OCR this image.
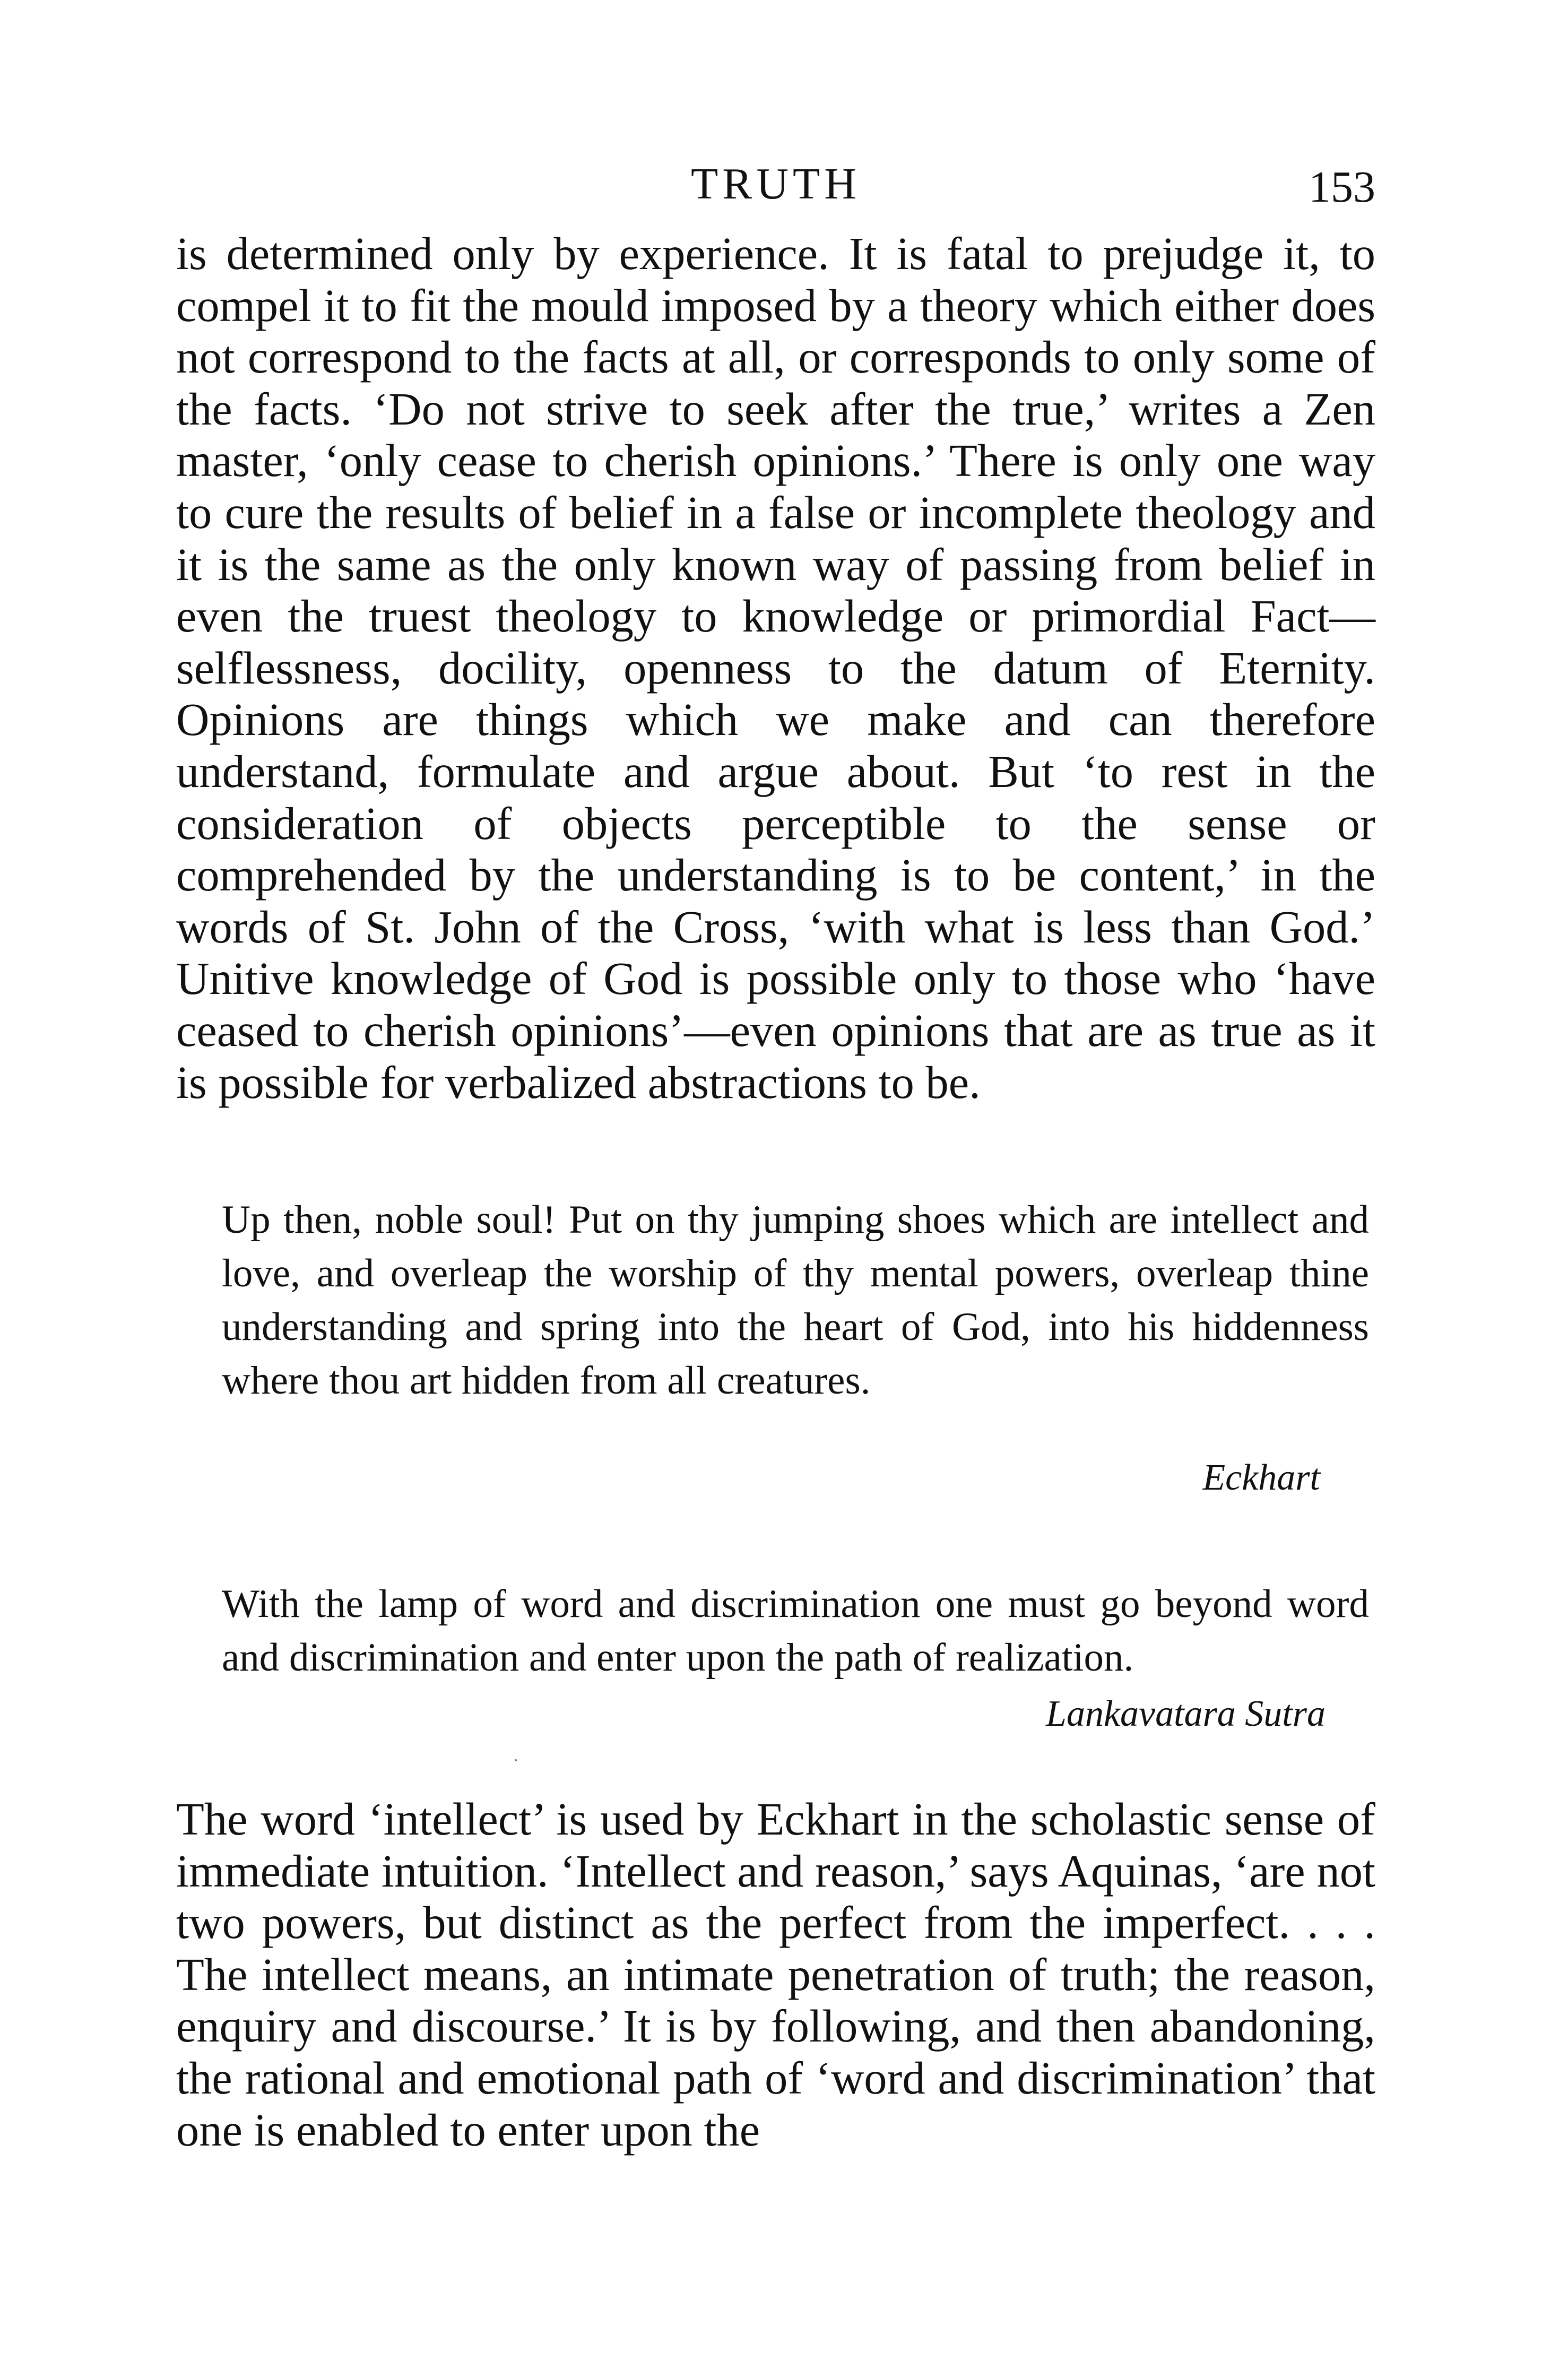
TRUTH	153

is determined only by experience. It is fatal to prejudge it, to compel it to fit the mould imposed by a theory which either does not correspond to the facts at all, or corresponds to only some of the facts. ‘Do not strive to seek after the true,’ writes a Zen master, ‘only cease to cherish opinions.’ There is only one way to cure the results of belief in a false or incomplete theology and it is the same as the only known way of passing from belief in even the truest theology to knowledge or primordial Fact—selflessness, docility, openness to the datum of Eternity. Opinions are things which we make and can therefore understand, formulate and argue about. But ‘to rest in the consideration of objects perceptible to the sense or comprehended by the understanding is to be content,’ in the words of St. John of the Cross, ‘with what is less than God.’ Unitive knowledge of God is possible only to those who ‘have ceased to cherish opinions’—even opinions that are as true as it is possible for verbalized abstractions to be.

Up then, noble soul! Put on thy jumping shoes which are intellect and love, and overleap the worship of thy mental powers, overleap thine understanding and spring into the heart of God, into his hiddenness where thou art hidden from all creatures.

Eckhart

With the lamp of word and discrimination one must go beyond word and discrimination and enter upon the path of realization.

Lankavatara Sutra

The word ‘intellect’ is used by Eckhart in the scholastic sense of immediate intuition. ‘Intellect and reason,’ says Aquinas, ‘are not two powers, but distinct as the perfect from the imperfect. . . . The intellect means, an intimate penetration of truth; the reason, enquiry and discourse.’ It is by following, and then abandoning, the rational and emotional path of ‘word and discrimination’ that one is enabled to enter upon the
